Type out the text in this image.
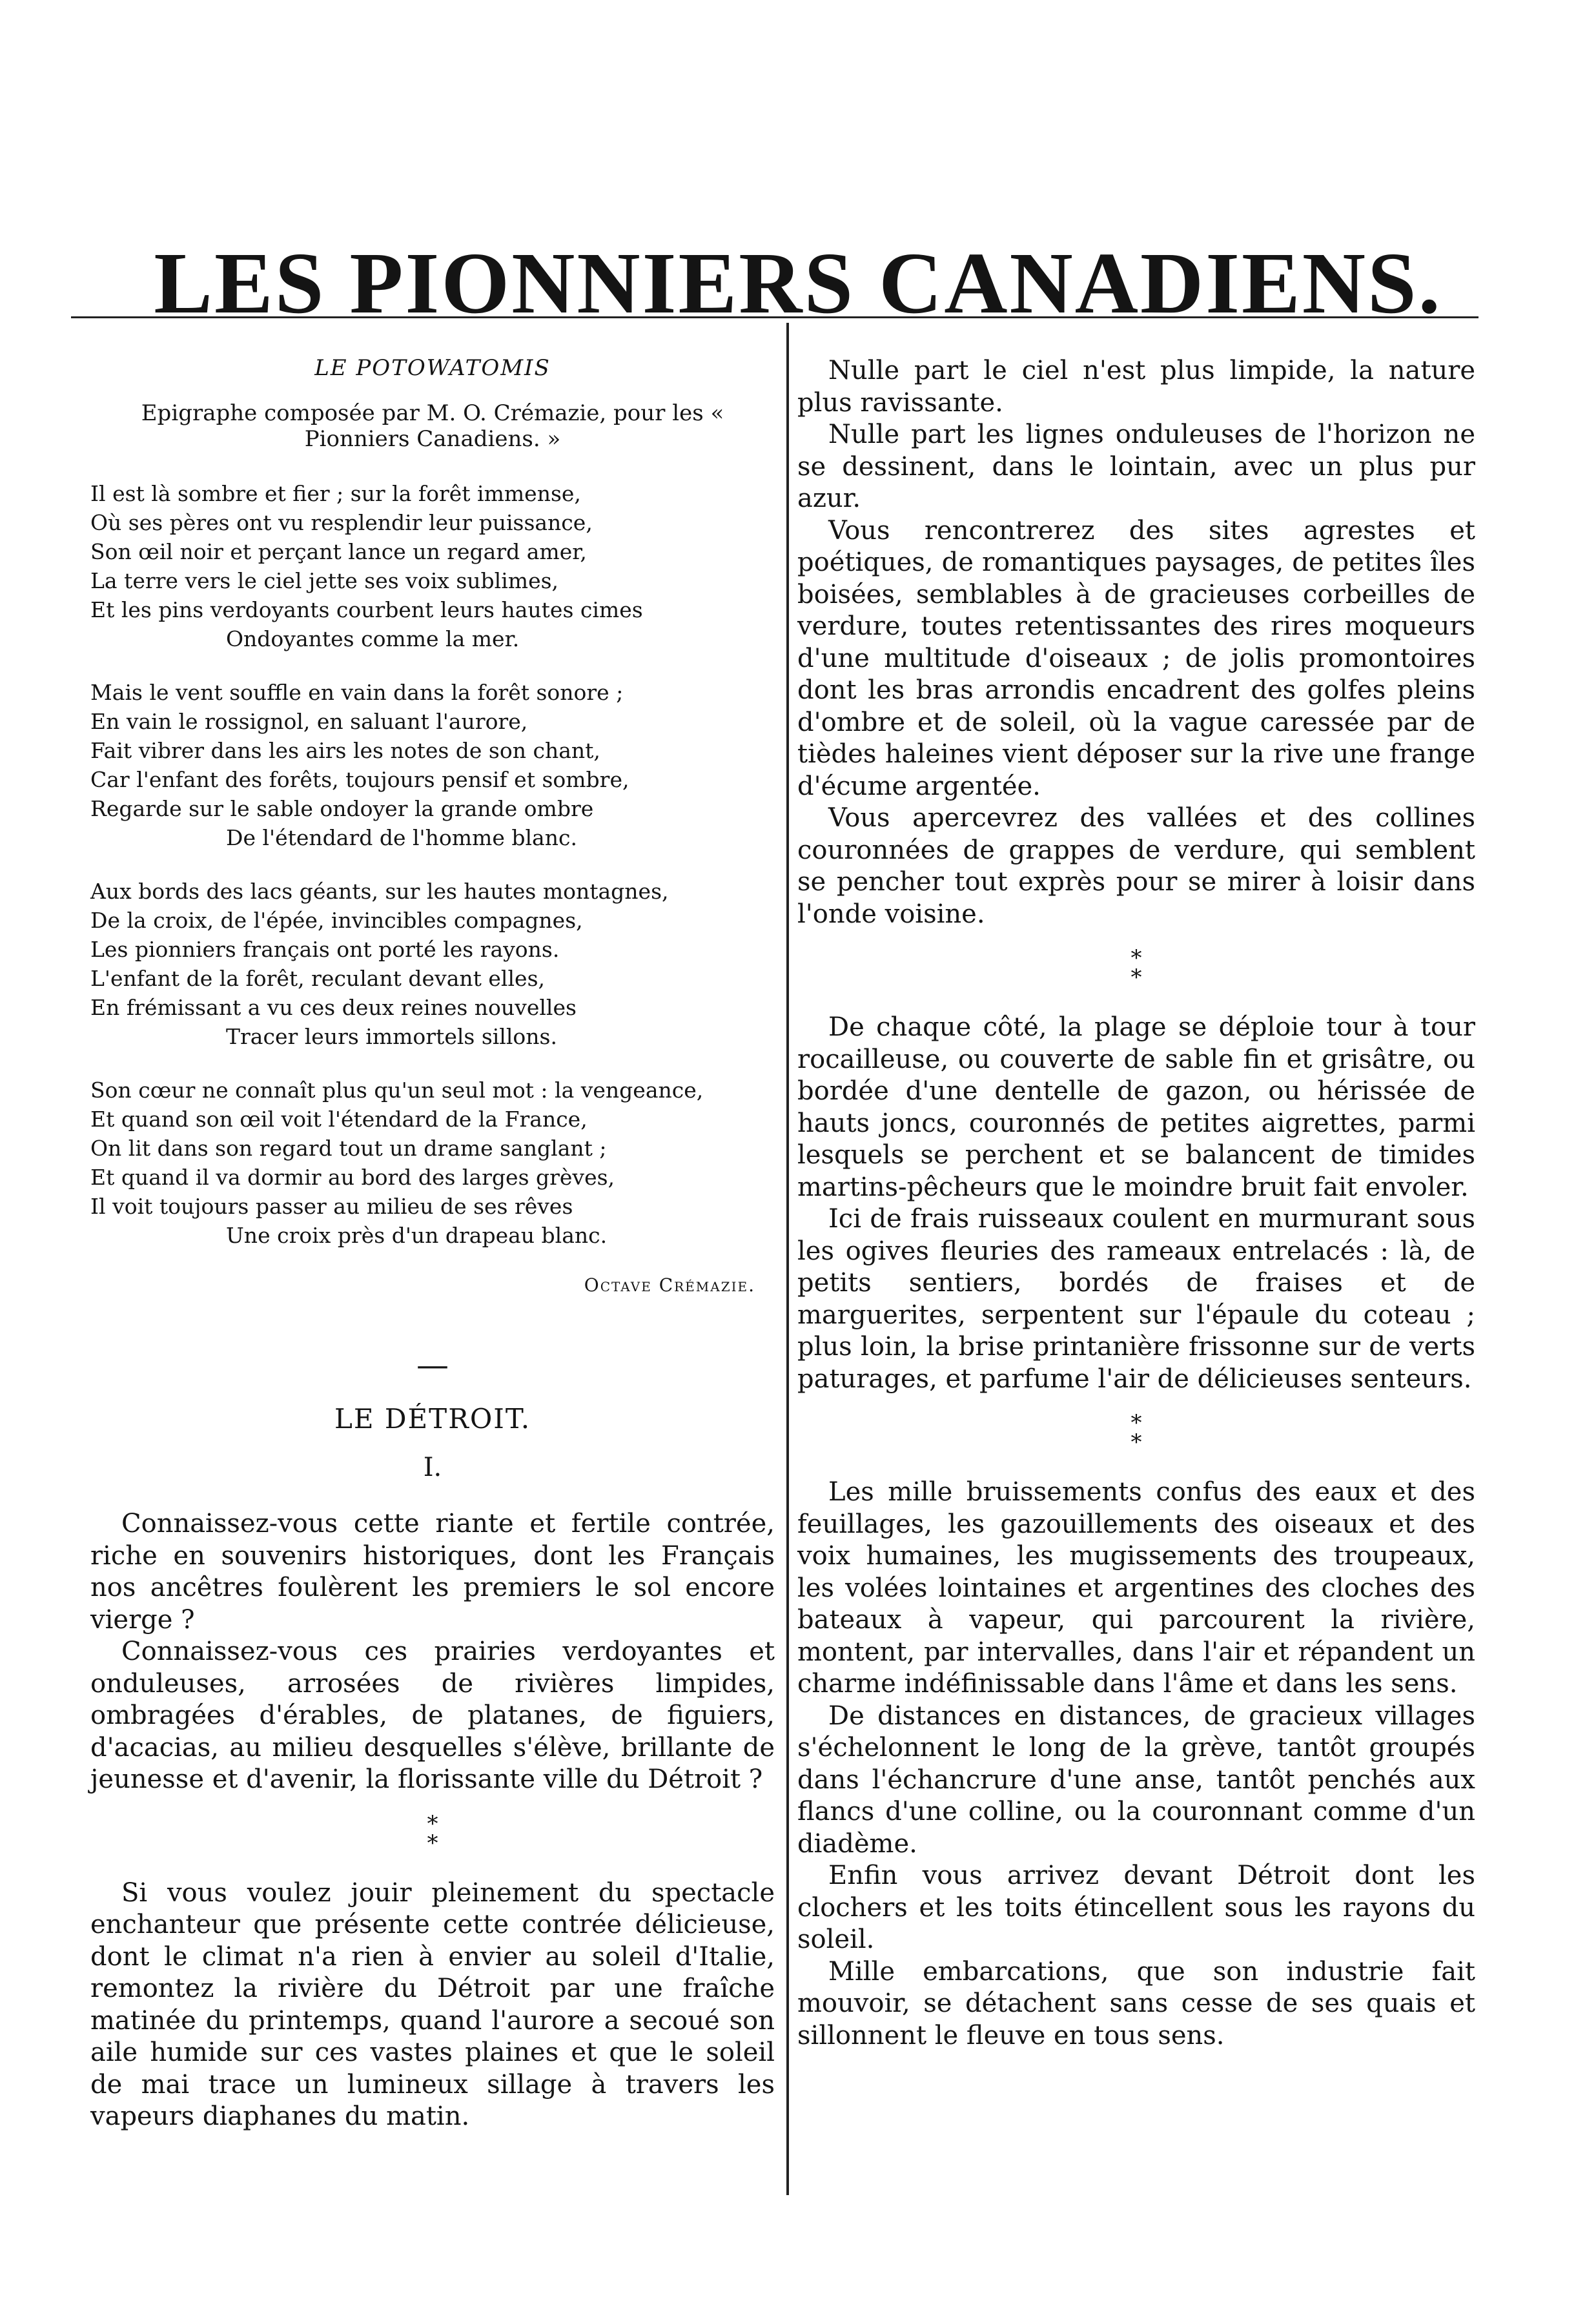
LES PIONNIERS CANADIENS.
LE POTOWATOMIS
Epigraphe composée par M. O. Crémazie, pour les « Pionniers Canadiens. »
Il est là sombre et fier ; sur la forêt immense,
Où ses pères ont vu resplendir leur puissance,
Son œil noir et perçant lance un regard amer,
La terre vers le ciel jette ses voix sublimes,
Et les pins verdoyants courbent leurs hautes cimes
Ondoyantes comme la mer.
Mais le vent souffle en vain dans la forêt sonore ;
En vain le rossignol, en saluant l'aurore,
Fait vibrer dans les airs les notes de son chant,
Car l'enfant des forêts, toujours pensif et sombre,
Regarde sur le sable ondoyer la grande ombre
De l'étendard de l'homme blanc.
Aux bords des lacs géants, sur les hautes montagnes,
De la croix, de l'épée, invincibles compagnes,
Les pionniers français ont porté les rayons.
L'enfant de la forêt, reculant devant elles,
En frémissant a vu ces deux reines nouvelles
Tracer leurs immortels sillons.
Son cœur ne connaît plus qu'un seul mot : la vengeance,
Et quand son œil voit l'étendard de la France,
On lit dans son regard tout un drame sanglant ;
Et quand il va dormir au bord des larges grèves,
Il voit toujours passer au milieu de ses rêves
Une croix près d'un drapeau blanc.
Octave Crémazie.
—
LE DÉTROIT.
I.

Connaissez-vous cette riante et fertile contrée, riche en souvenirs historiques, dont les Français nos ancêtres foulèrent les premiers le sol encore vierge ?

Connaissez-vous ces prairies verdoyantes et onduleuses, arrosées de rivières limpides, ombragées d'érables, de platanes, de figuiers, d'acacias, au milieu desquelles s'élève, brillante de jeunesse et d'avenir, la florissante ville du Détroit ?

*
*

Si vous voulez jouir pleinement du spectacle enchanteur que présente cette contrée délicieuse, dont le climat n'a rien à envier au soleil d'Italie, remontez la rivière du Détroit par une fraîche matinée du printemps, quand l'aurore a secoué son aile humide sur ces vastes plaines et que le soleil de mai trace un lumineux sillage à travers les vapeurs diaphanes du matin.

Nulle part le ciel n'est plus limpide, la nature plus ravissante.

Nulle part les lignes onduleuses de l'horizon ne se dessinent, dans le lointain, avec un plus pur azur.

Vous rencontrerez des sites agrestes et poétiques, de romantiques paysages, de petites îles boisées, semblables à de gracieuses corbeilles de verdure, toutes retentissantes des rires moqueurs d'une multitude d'oiseaux ; de jolis promontoires dont les bras arrondis encadrent des golfes pleins d'ombre et de soleil, où la vague caressée par de tièdes haleines vient déposer sur la rive une frange d'écume argentée.

Vous apercevrez des vallées et des collines couronnées de grappes de verdure, qui semblent se pencher tout exprès pour se mirer à loisir dans l'onde voisine.

*
*

De chaque côté, la plage se déploie tour à tour rocailleuse, ou couverte de sable fin et grisâtre, ou bordée d'une dentelle de gazon, ou hérissée de hauts joncs, couronnés de petites aigrettes, parmi lesquels se perchent et se balancent de timides martins-pêcheurs que le moindre bruit fait envoler.

Ici de frais ruisseaux coulent en murmurant sous les ogives fleuries des rameaux entrelacés : là, de petits sentiers, bordés de fraises et de marguerites, serpentent sur l'épaule du coteau ; plus loin, la brise printanière frissonne sur de verts paturages, et parfume l'air de délicieuses senteurs.

*
*

Les mille bruissements confus des eaux et des feuillages, les gazouillements des oiseaux et des voix humaines, les mugissements des troupeaux, les volées lointaines et argentines des cloches des bateaux à vapeur, qui parcourent la rivière, montent, par intervalles, dans l'air et répandent un charme indéfinissable dans l'âme et dans les sens.

De distances en distances, de gracieux villages s'échelonnent le long de la grève, tantôt groupés dans l'échancrure d'une anse, tantôt penchés aux flancs d'une colline, ou la couronnant comme d'un diadème.

Enfin vous arrivez devant Détroit dont les clochers et les toits étincellent sous les rayons du soleil.

Mille embarcations, que son industrie fait mouvoir, se détachent sans cesse de ses quais et sillonnent le fleuve en tous sens.
